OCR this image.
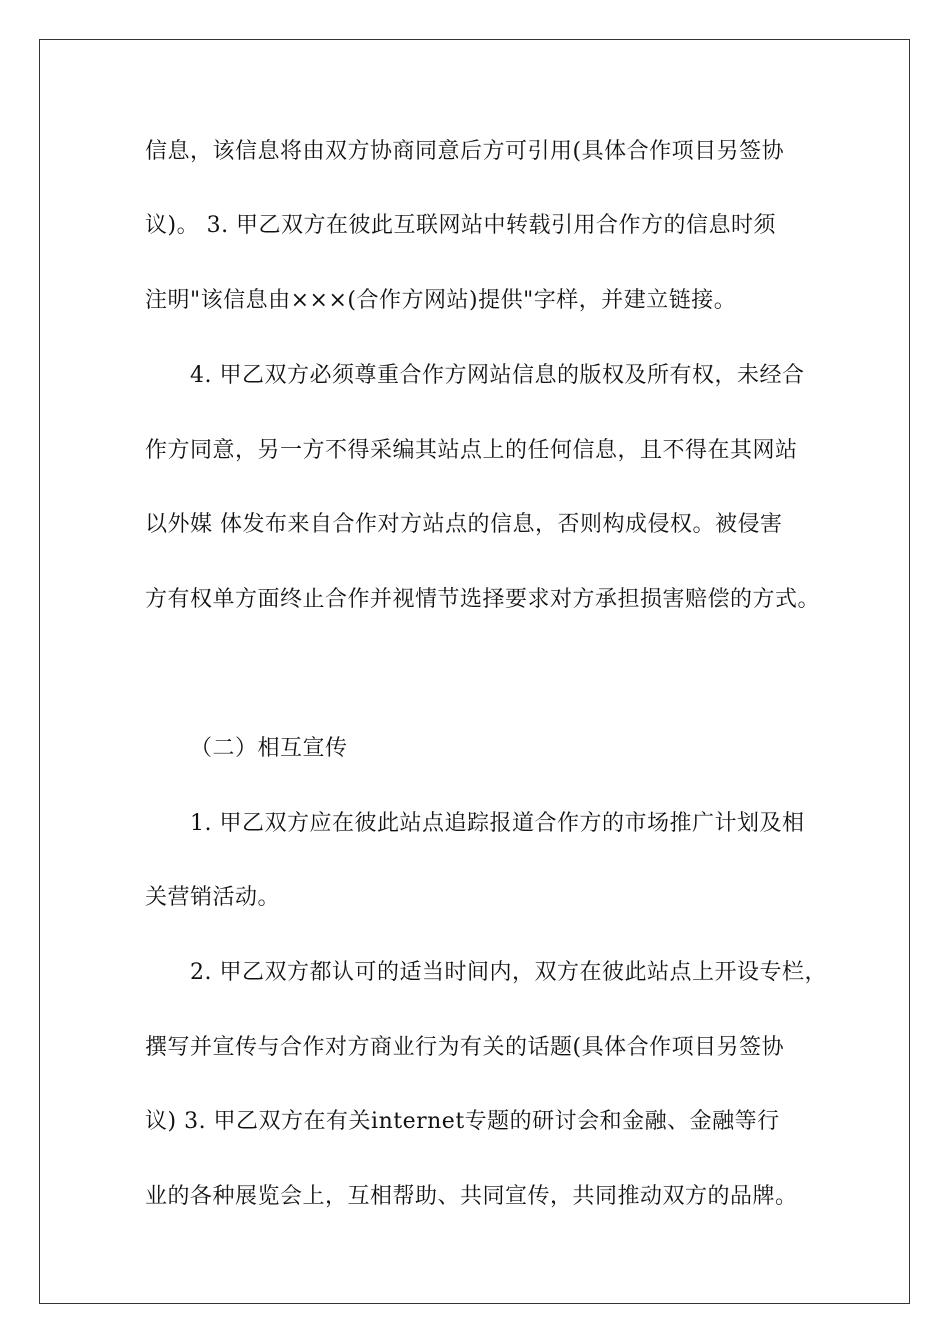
信息，该信息将由双方协商同意后方可引用(具体合作项目另签协
议)。 3. 甲乙双方在彼此互联网站中转载引用合作方的信息时须
注明"该信息由×××(合作方网站)提供"字样，并建立链接。
4. 甲乙双方必须尊重合作方网站信息的版权及所有权，未经合
作方同意，另一方不得采编其站点上的任何信息，且不得在其网站
以外媒 体发布来自合作对方站点的信息，否则构成侵权。被侵害
方有权单方面终止合作并视情节选择要求对方承担损害赔偿的方式。
（二）相互宣传
1. 甲乙双方应在彼此站点追踪报道合作方的市场推广计划及相
关营销活动。
2. 甲乙双方都认可的适当时间内，双方在彼此站点上开设专栏，
撰写并宣传与合作对方商业行为有关的话题(具体合作项目另签协
议) 3. 甲乙双方在有关internet专题的研讨会和金融、金融等行
业的各种展览会上，互相帮助、共同宣传，共同推动双方的品牌。
